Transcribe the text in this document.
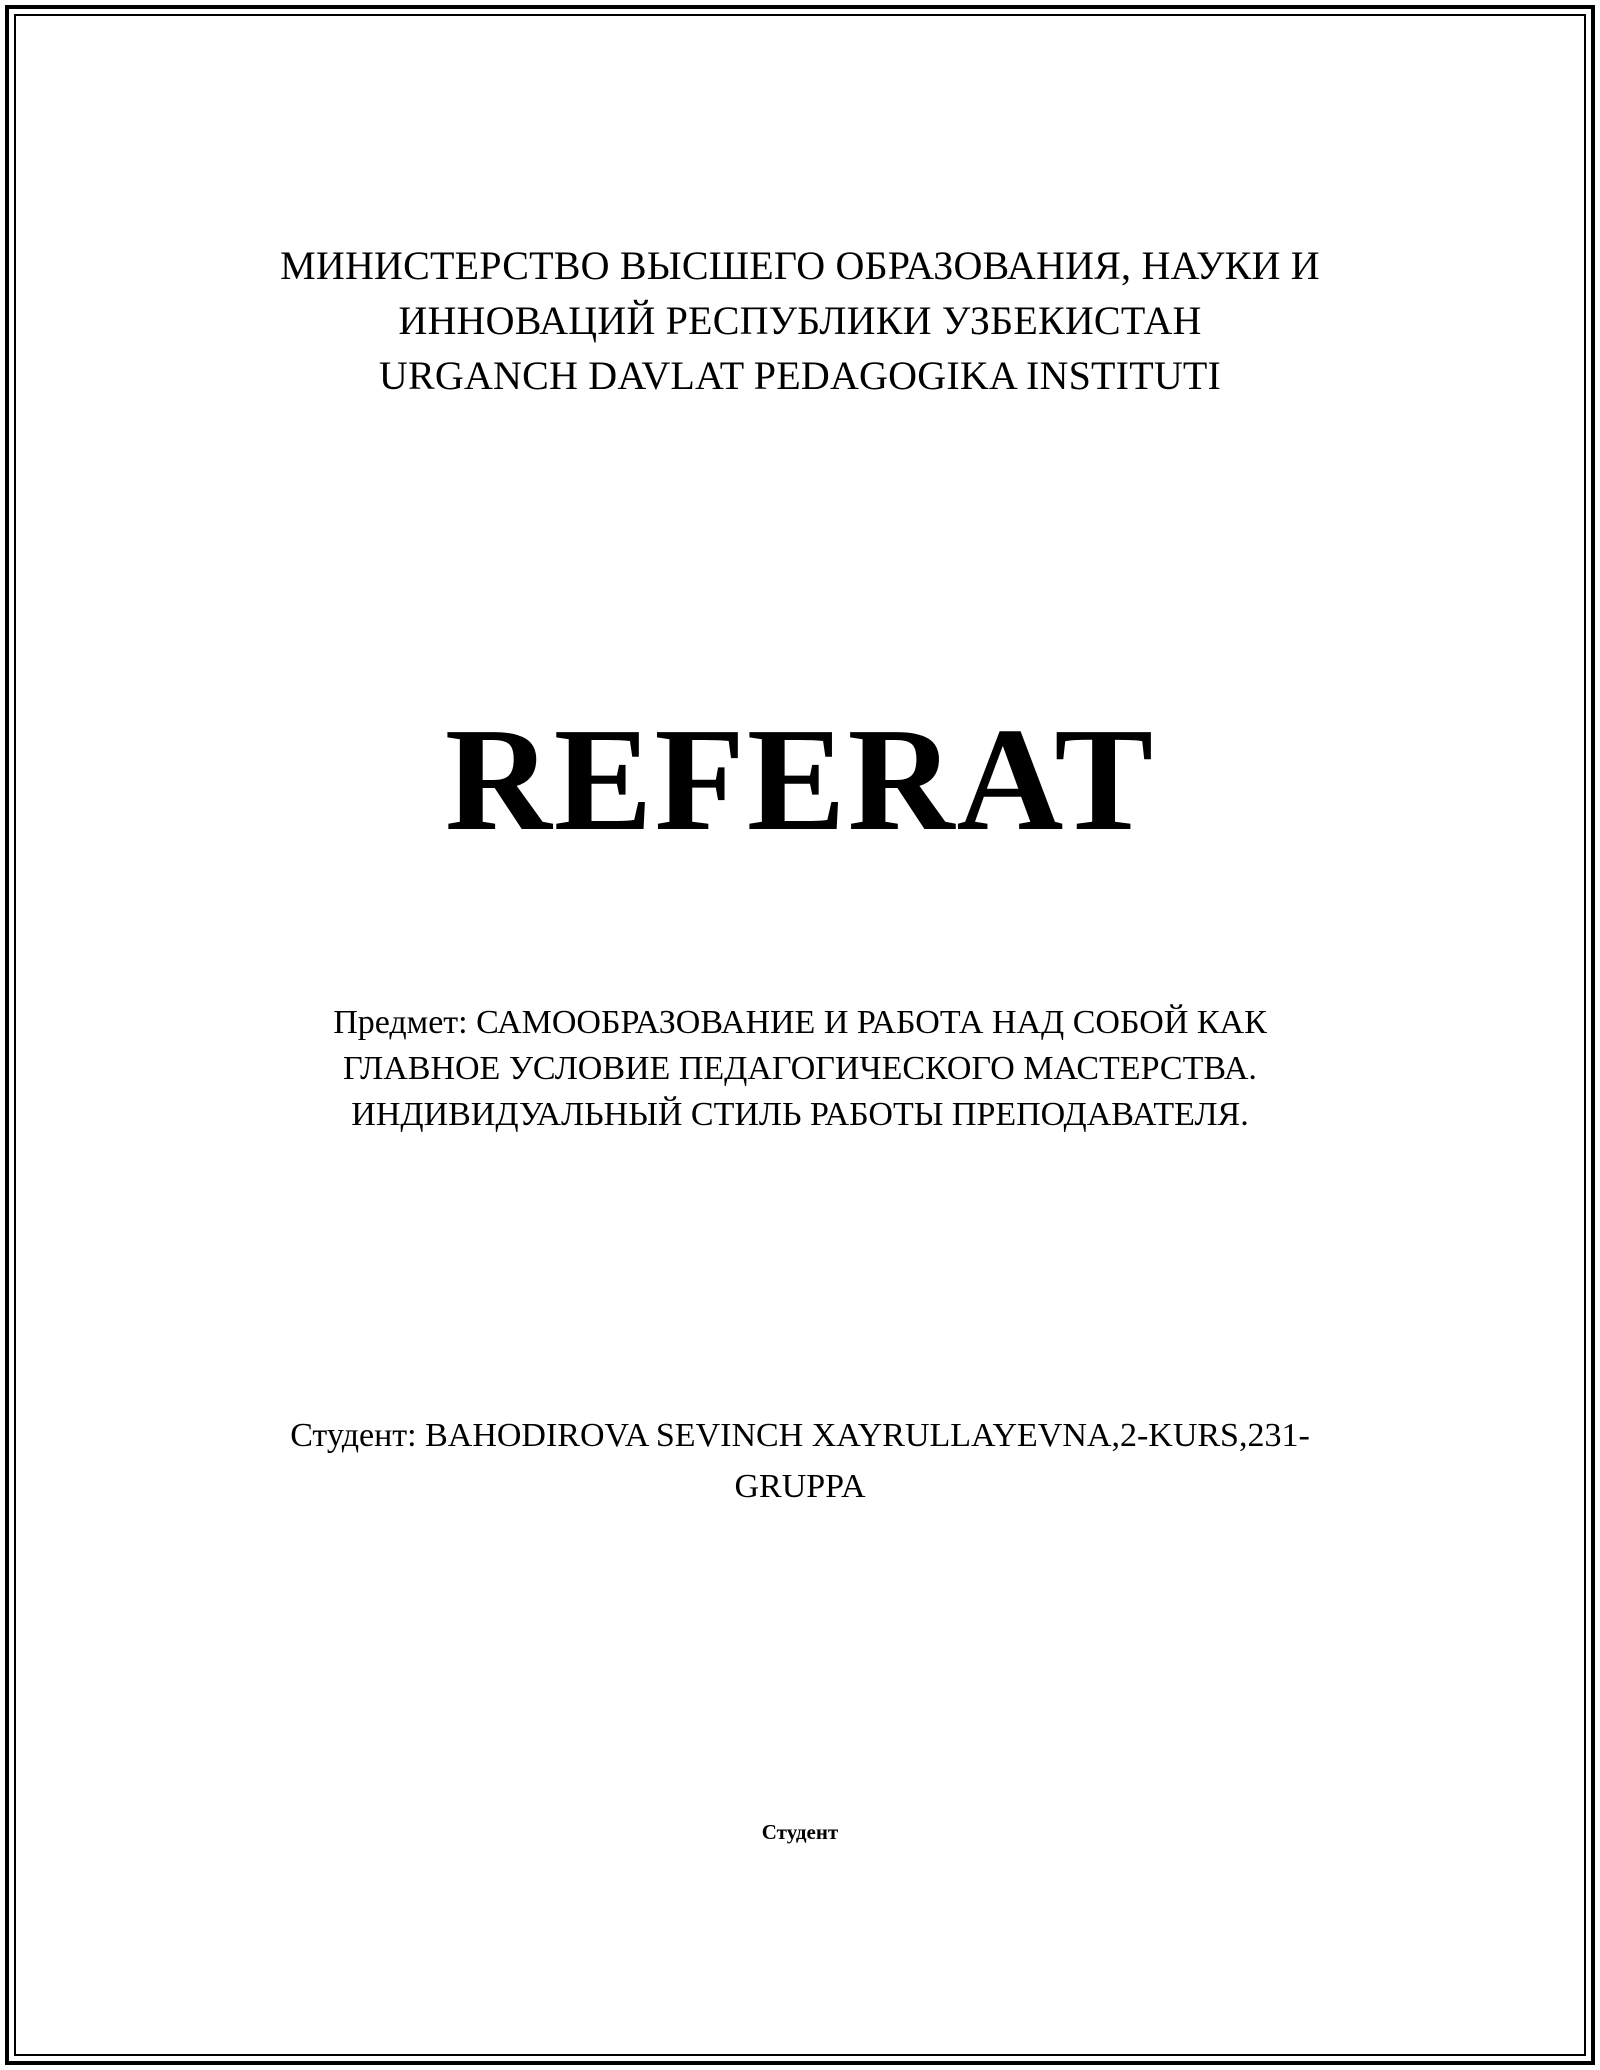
МИНИСТЕРСТВО ВЫСШЕГО ОБРАЗОВАНИЯ, НАУКИ И
ИННОВАЦИЙ РЕСПУБЛИКИ УЗБЕКИСТАН
URGANCH DAVLAT PEDAGOGIKA INSTITUTI
REFERAT
Предмет: САМООБРАЗОВАНИЕ И РАБОТА НАД СОБОЙ КАК
ГЛАВНОЕ УСЛОВИЕ ПЕДАГОГИЧЕСКОГО МАСТЕРСТВА.
ИНДИВИДУАЛЬНЫЙ СТИЛЬ РАБОТЫ ПРЕПОДАВАТЕЛЯ.
Студент: BAHODIROVA SEVINCH XAYRULLAYEVNA,2-KURS,231-
GRUPPA
Студент
